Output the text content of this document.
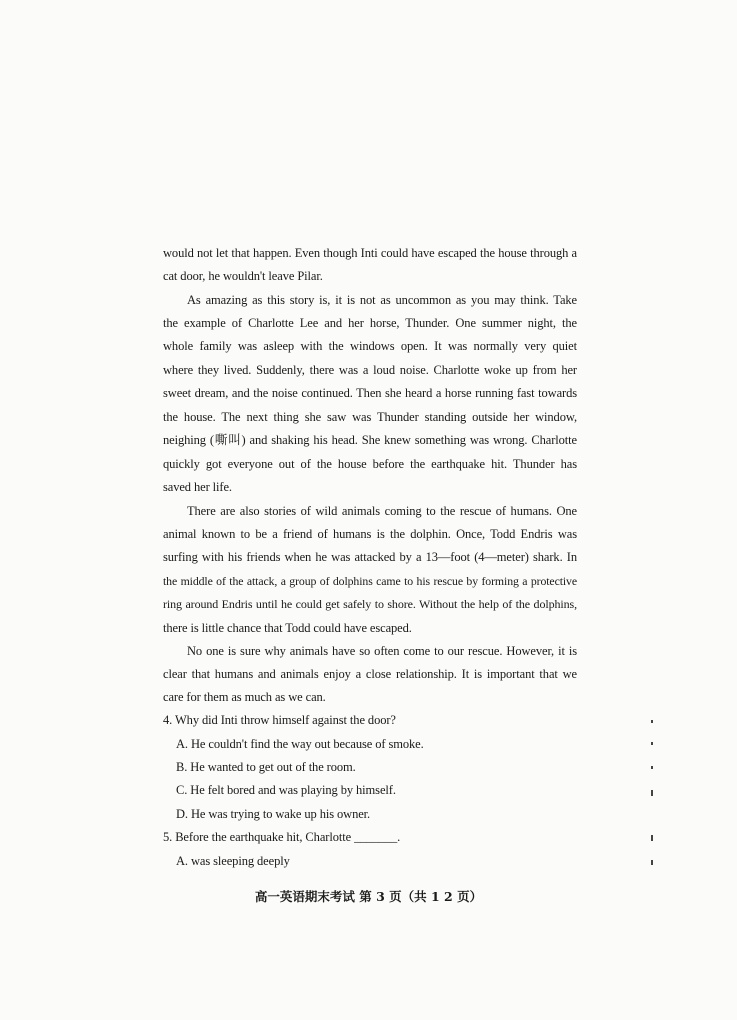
would not let that happen. Even though Inti could have escaped the house through a
cat door, he wouldn't leave Pilar.
As amazing as this story is, it is not as uncommon as you may think. Take
the example of Charlotte Lee and her horse, Thunder. One summer night, the
whole family was asleep with the windows open. It was normally very quiet
where they lived. Suddenly, there was a loud noise. Charlotte woke up from her
sweet dream, and the noise continued. Then she heard a horse running fast towards
the house. The next thing she saw was Thunder standing outside her window,
neighing (嘶叫) and shaking his head. She knew something was wrong. Charlotte
quickly got everyone out of the house before the earthquake hit. Thunder has
saved her life.
There are also stories of wild animals coming to the rescue of humans. One
animal known to be a friend of humans is the dolphin. Once, Todd Endris was
surfing with his friends when he was attacked by a 13—foot (4—meter) shark. In
the middle of the attack, a group of dolphins came to his rescue by forming a protective
ring around Endris until he could get safely to shore. Without the help of the dolphins,
there is little chance that Todd could have escaped.
No one is sure why animals have so often come to our rescue. However, it is
clear that humans and animals enjoy a close relationship. It is important that we
care for them as much as we can.
4. Why did Inti throw himself against the door?
A. He couldn't find the way out because of smoke.
B. He wanted to get out of the room.
C. He felt bored and was playing by himself.
D. He was trying to wake up his owner.
5. Before the earthquake hit, Charlotte _______.
A. was sleeping deeply
高一英语期末考试 第 3 页（共 1 2 页）
